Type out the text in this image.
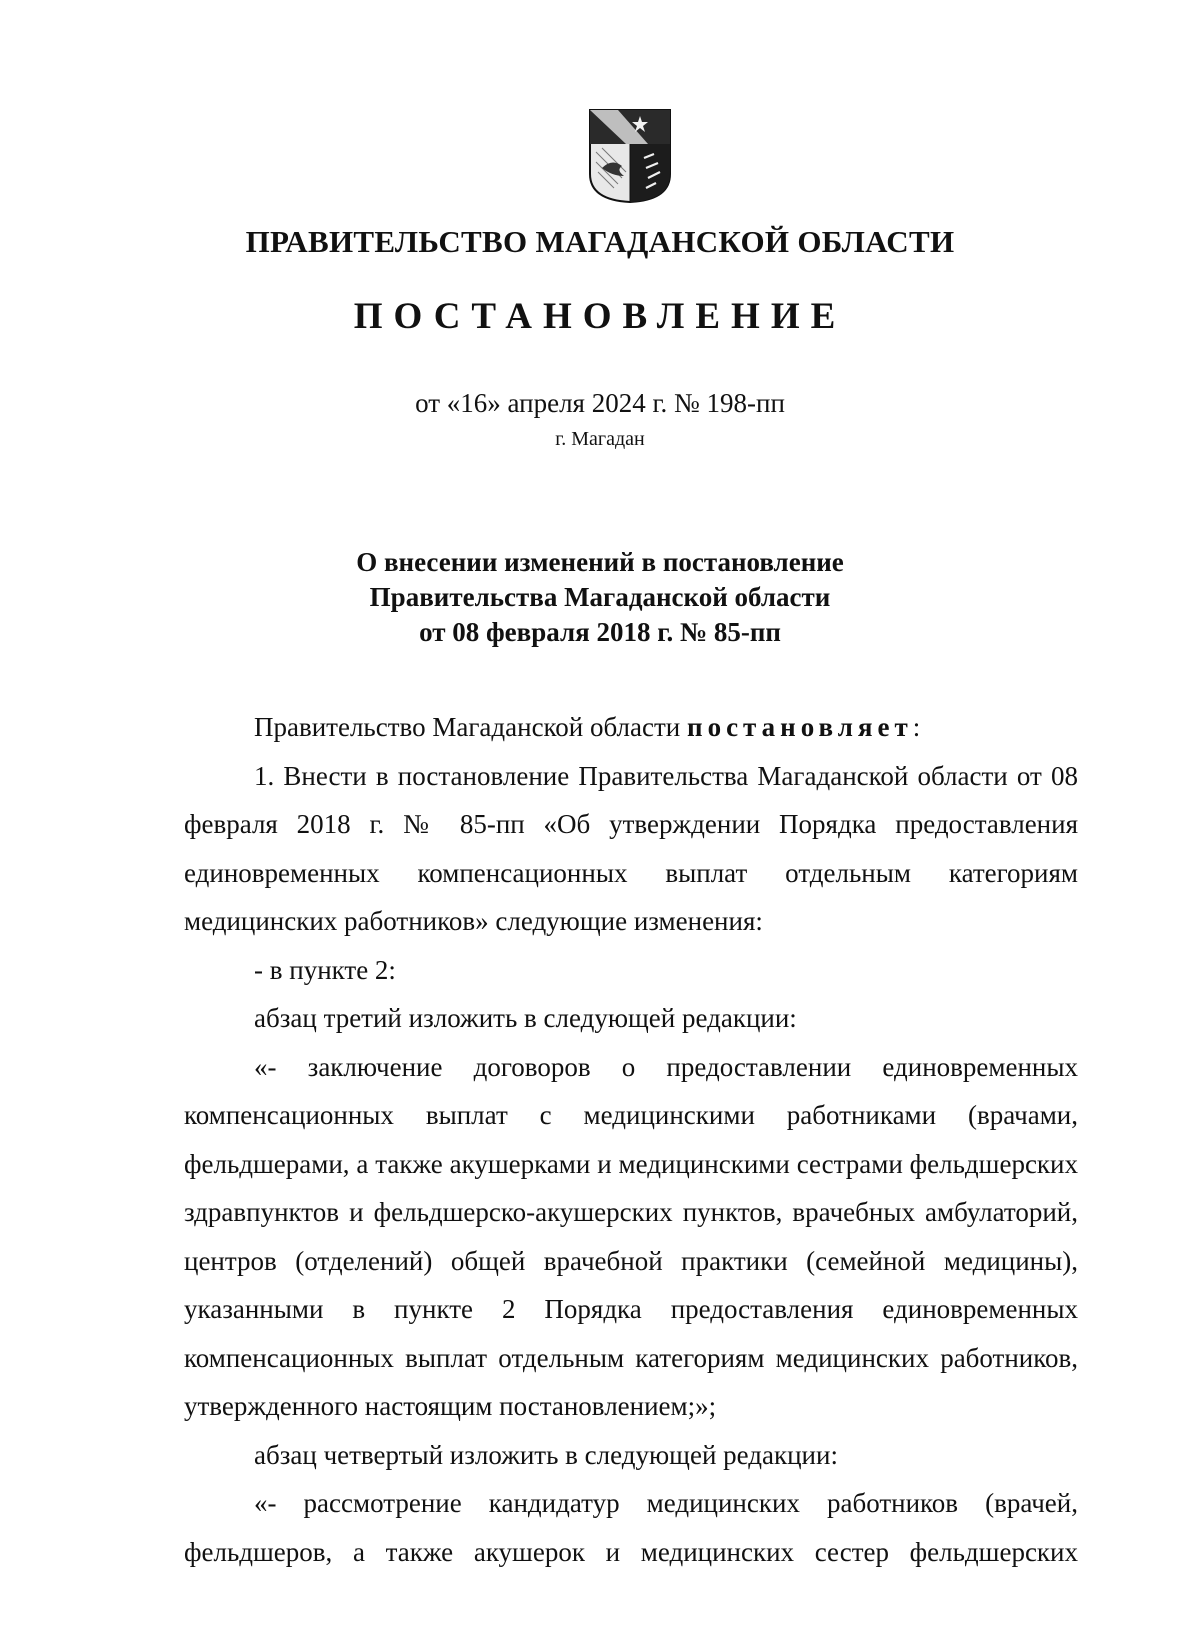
ПРАВИТЕЛЬСТВО МАГАДАНСКОЙ ОБЛАСТИ
ПОСТАНОВЛЕНИЕ
от «16» апреля 2024 г. № 198-пп
г. Магадан
О внесении изменений в постановление
Правительства Магаданской области
от 08 февраля 2018 г. № 85-пп

Правительство Магаданской области постановляет:

1. Внести в постановление Правительства Магаданской области от 08 февраля 2018 г. № 85-пп «Об утверждении Порядка предоставления единовременных компенсационных выплат отдельным категориям медицинских работников» следующие изменения:

- в пункте 2:

абзац третий изложить в следующей редакции:

«- заключение договоров о предоставлении единовременных компенсационных выплат с медицинскими работниками (врачами, фельдшерами, а также акушерками и медицинскими сестрами фельдшерских здравпунктов и фельдшерско-акушерских пунктов, врачебных амбулаторий, центров (отделений) общей врачебной практики (семейной медицины), указанными в пункте 2 Порядка предоставления единовременных компенсационных выплат отдельным категориям медицинских работников, утвержденного настоящим постановлением;»;

абзац четвертый изложить в следующей редакции:

«- рассмотрение кандидатур медицинских работников (врачей, фельдшеров, а также акушерок и медицинских сестер фельдшерских
